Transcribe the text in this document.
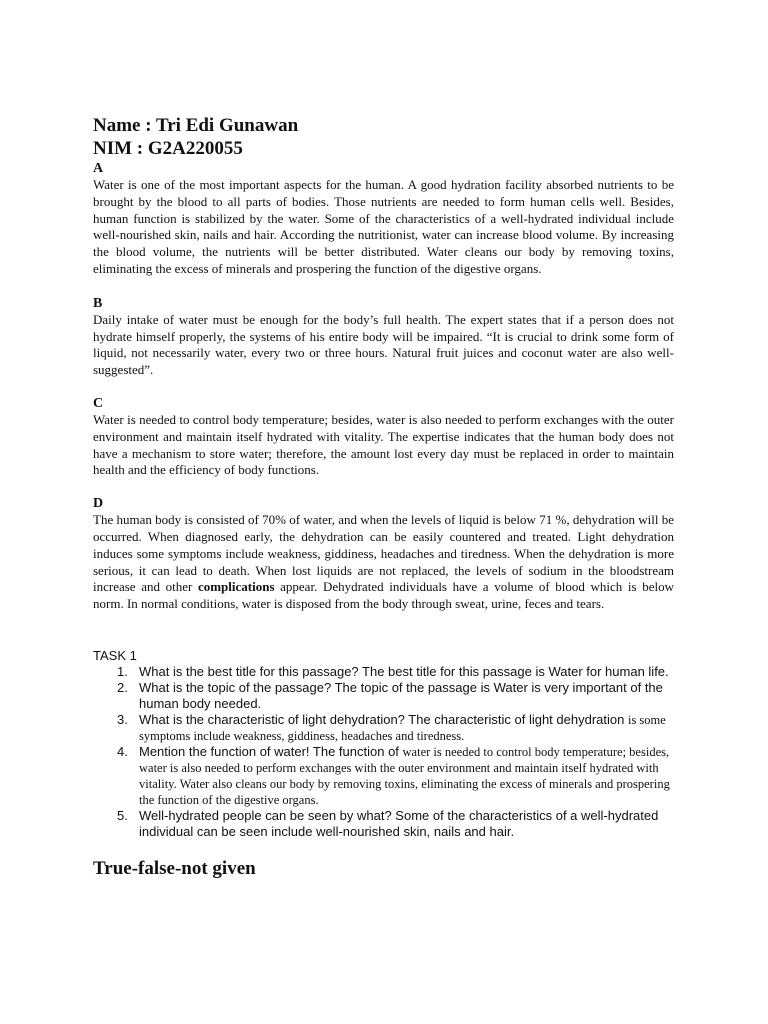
Name : Tri Edi Gunawan

NIM : G2A220055

A

Water is one of the most important aspects for the human. A good hydration facility absorbed nutrients to be brought by the blood to all parts of bodies. Those nutrients are needed to form human cells well. Besides, human function is stabilized by the water. Some of the characteristics of a well-hydrated individual include well-nourished skin, nails and hair. According the nutritionist, water can increase blood volume. By increasing the blood volume, the nutrients will be better distributed. Water cleans our body by removing toxins, eliminating the excess of minerals and prospering the function of the digestive organs.

B

Daily intake of water must be enough for the body’s full health. The expert states that if a person does not hydrate himself properly, the systems of his entire body will be impaired. “It is crucial to drink some form of liquid, not necessarily water, every two or three hours. Natural fruit juices and coconut water are also well-suggested”.

C

Water is needed to control body temperature; besides, water is also needed to perform exchanges with the outer environment and maintain itself hydrated with vitality. The expertise indicates that the human body does not have a mechanism to store water; therefore, the amount lost every day must be replaced in order to maintain health and the efficiency of body functions.

D

The human body is consisted of 70% of water, and when the levels of liquid is below 71 %, dehydration will be occurred. When diagnosed early, the dehydration can be easily countered and treated. Light dehydration induces some symptoms include weakness, giddiness, headaches and tiredness. When the dehydration is more serious, it can lead to death. When lost liquids are not replaced, the levels of sodium in the bloodstream increase and other complications appear. Dehydrated individuals have a volume of blood which is below norm. In normal conditions, water is disposed from the body through sweat, urine, feces and tears.

TASK 1

1. What is the best title for this passage? The best title for this passage is Water for human life.
2. What is the topic of the passage? The topic of the passage is Water is very important of the human body needed.
3. What is the characteristic of light dehydration? The characteristic of light dehydration is some symptoms include weakness, giddiness, headaches and tiredness.
4. Mention the function of water! The function of water is needed to control body temperature; besides, water is also needed to perform exchanges with the outer environment and maintain itself hydrated with vitality. Water also cleans our body by removing toxins, eliminating the excess of minerals and prospering the function of the digestive organs.
5. Well-hydrated people can be seen by what? Some of the characteristics of a well-hydrated individual can be seen include well-nourished skin, nails and hair.

True-false-not given
